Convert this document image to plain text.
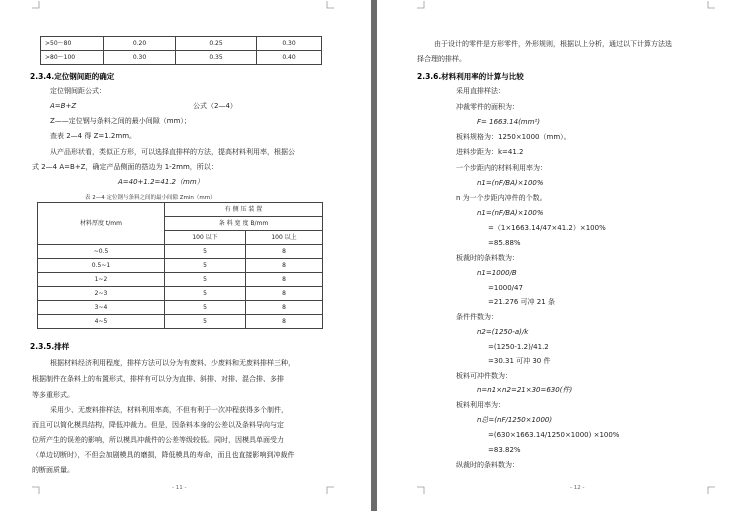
>50～80‌	0.20	0.25	0.30
>80～100	0.30	0.35	0.40
2.3.4.定位钢间距的确定
定位钢间距公式：
A=B+Z	公式（2—4）
Z——定位钢与条料之间的最小间隙（mm）；
查表 2—4 得 Z=1.2mm。
从产品形状看，类似正方形，可以选择直排样的方法，提高材料利用率，根据公
式 2—4 A=B+Z，确定产品侧面的搭边为 1-2mm，所以：
A=40+1.2=41.2（mm）
表 2—4 定位钢与条料之间的最小间隙 Zmin（mm）
材料厚度 t/mm	有 侧 压 装 置	
	条 料 宽 度 B/mm	
	100 以下	100 以上
~0.5	5	8
0.5~1	5	8
1~2	5	8
2~3	5	8
3~4	5	8
4~5	5	8
2.3.5.排样
根据材料经济利用程度，排样方法可以分为有废料、少废料和无废料排样三种，
根据制件在条料上的布置形式，排样有可以分为直排、斜排、对排、混合排、多排
等多重形式。
采用少、无废料排样法，材料利用率高，不但有利于一次冲程获得多个制件，
而且可以简化模具结构，降低冲裁力。但是，因条料本身的公差以及条料导向与定
位所产生的误差的影响，所以模具冲裁件的公差等级较低。同时，因模具单面受力
（单边切断时），不但会加剧模具的磨损，降低模具的寿命，而且也直接影响到冲裁件
的断面质量。
- 11 -
由于设计的零件是方形零件，外形规则，根据以上分析，通过以下计算方法选
择合理的排样。
2.3.6.材料利用率的计算与比较
采用直排样法：
冲裁零件的面积为：
F= 1663.14(mm²)
板料规格为：1250×1000（mm）。
进料步距为：k=41.2
一个步距内的材料利用率为：
n1=(nF/BA)×100%
n 为一个步距内冲件的个数。
n1=(nF/BA)×100%
=（1×1663.14/47×41.2）×100%
=85.88%
板裁时的条料数为：
n1=1000/B
=1000/47
=21.276 可冲 21 条
条件件数为：
n2=(1250-a)/k
=(1250-1.2)/41.2
=30.31 可冲 30 件
板料可冲件数为：
n=n1×n2=21×30=630(件)
板料利用率为：
n总=(nF/1250×1000)
=(630×1663.14/1250×1000) ×100%
=83.82%
纵裁时的条料数为：
- 12 -
